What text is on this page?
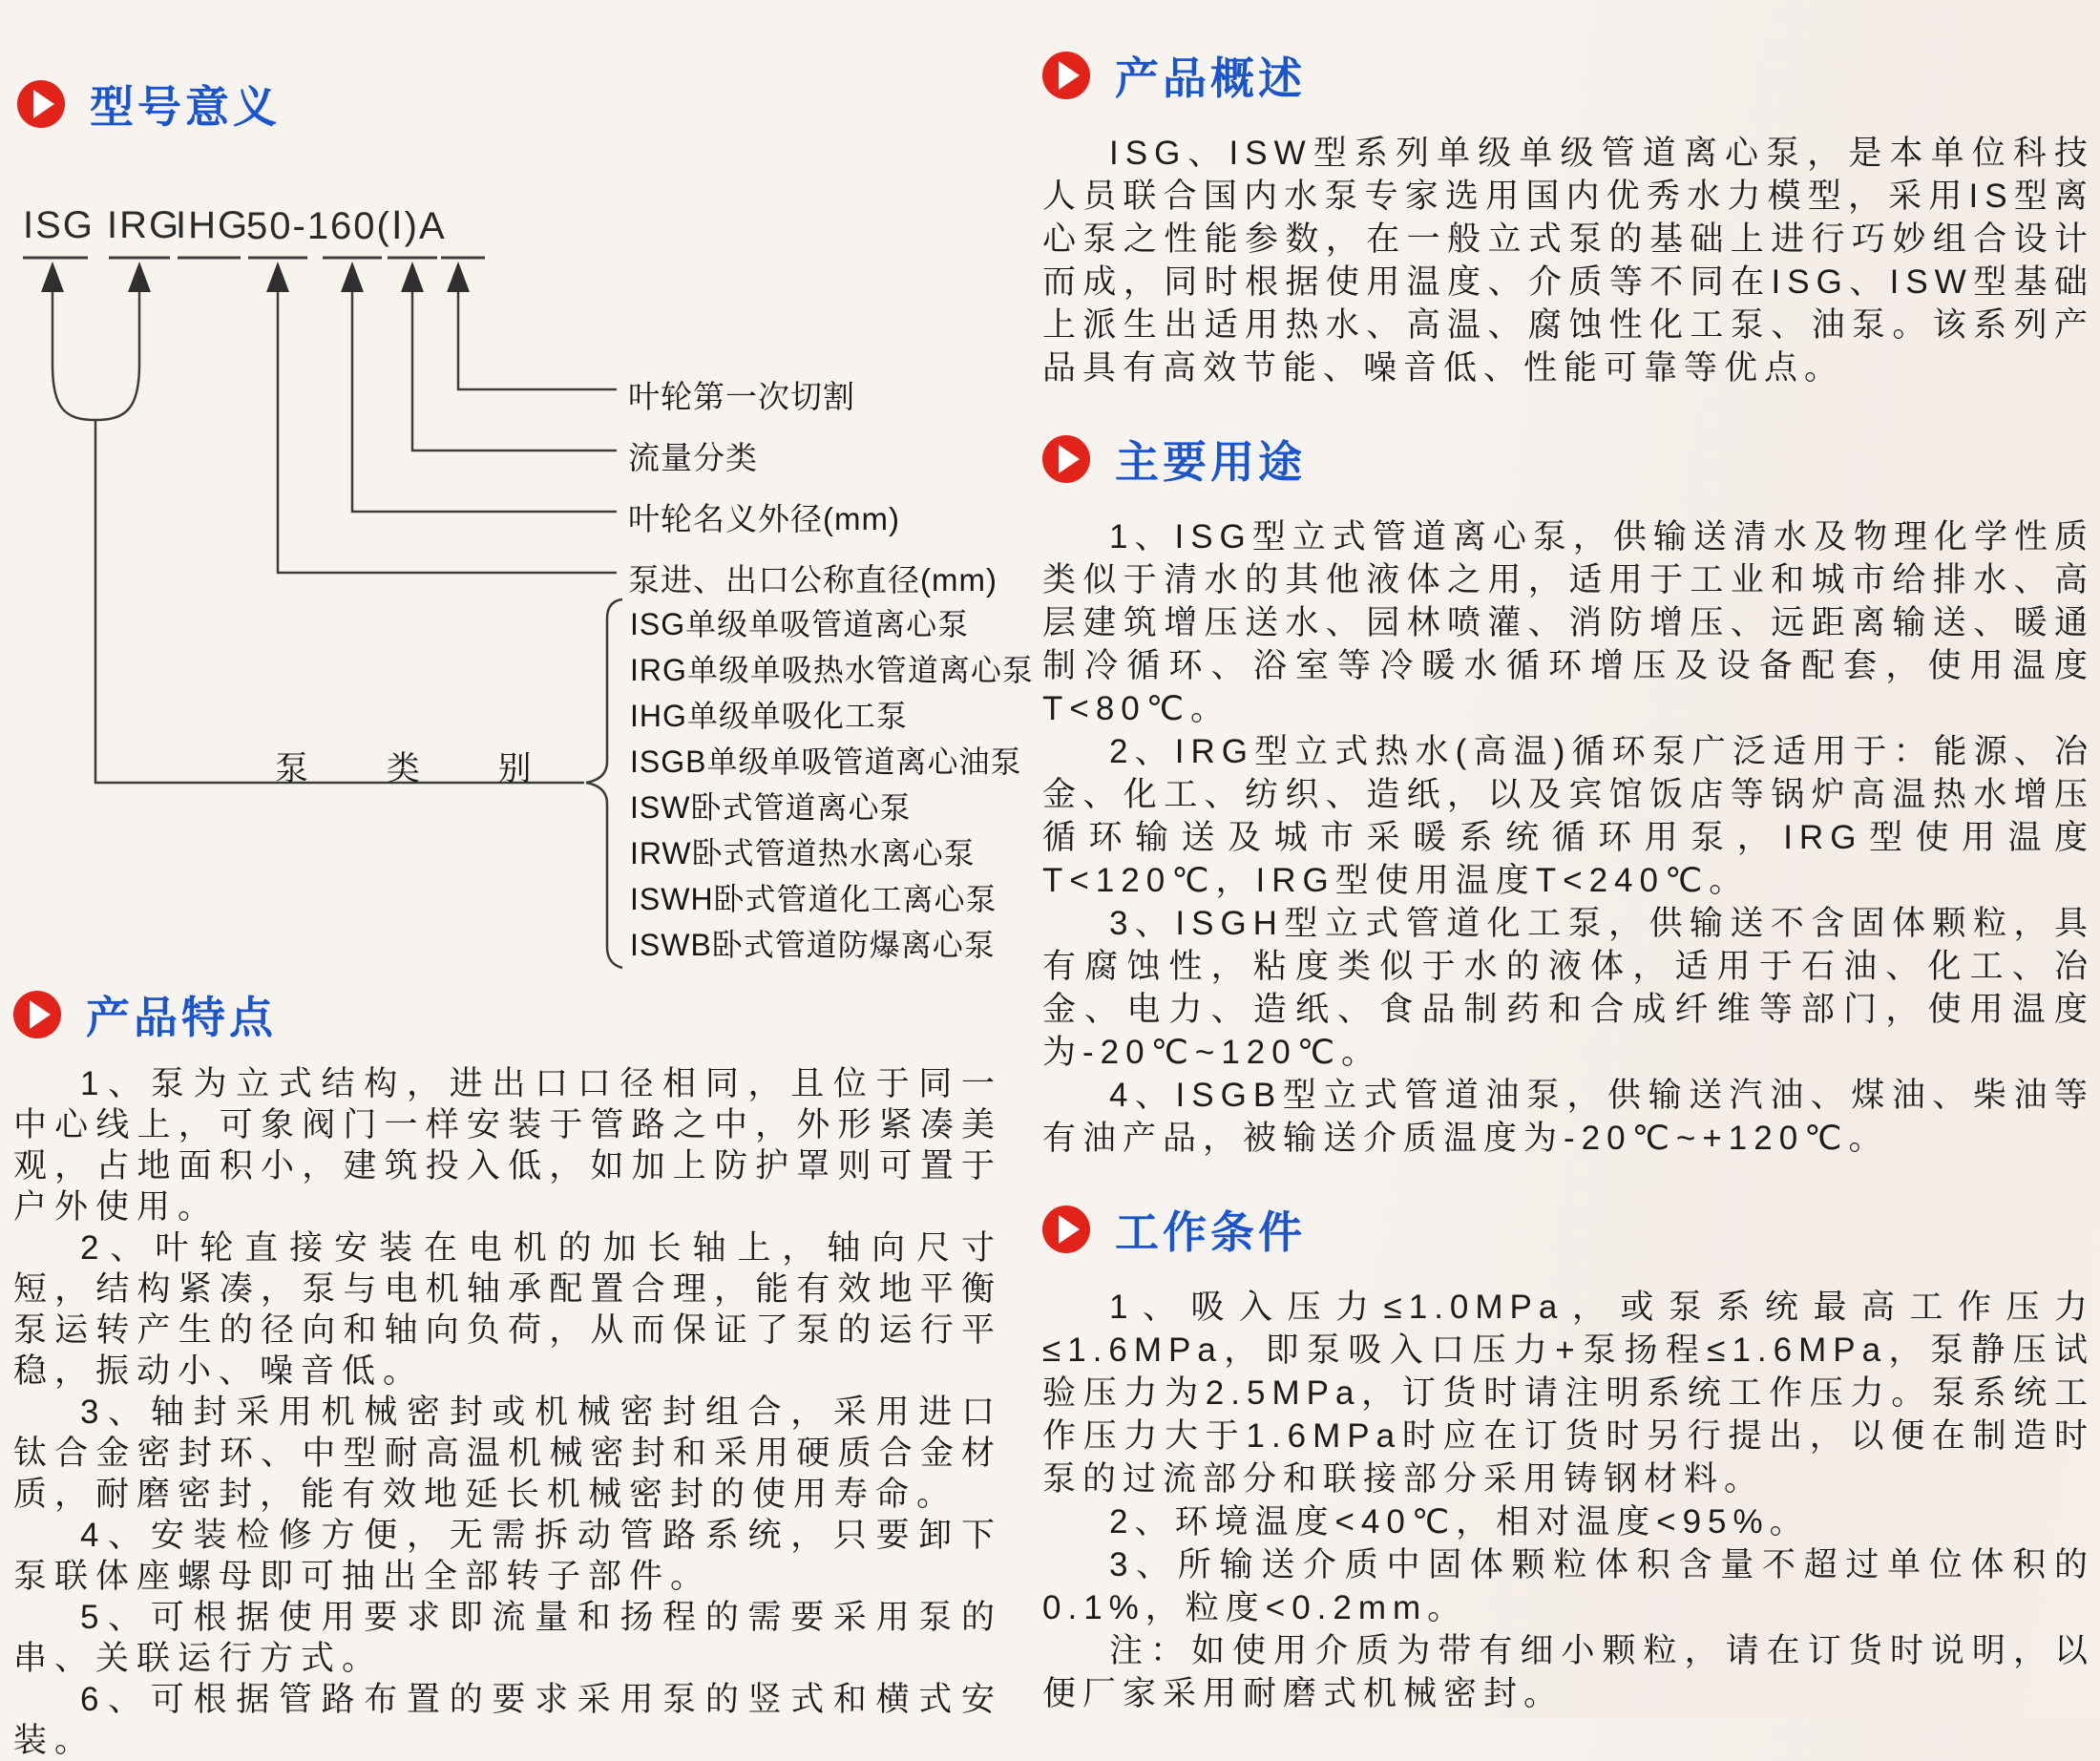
型号意义
ISG IRG
IHG
50-160(Ⅰ)A
叶轮第一次切割
流量分类
叶轮名义外径(mm)
泵进、出口公称直径(mm)
泵 类 别
ISG单级单吸管道离心泵
IRG单级单吸热水管道离心泵
IHG单级单吸化工泵
ISGB单级单吸管道离心油泵
ISW卧式管道离心泵
IRW卧式管道热水离心泵
ISWH卧式管道化工离心泵
ISWB卧式管道防爆离心泵
产品特点

1、泵为立式结构，进出口口径相同，且位于同一中心线上，可象阀门一样安装于管路之中，外形紧凑美观，占地面积小，建筑投入低，如加上防护罩则可置于户外使用。

2、叶轮直接安装在电机的加长轴上，轴向尺寸短，结构紧凑，泵与电机轴承配置合理，能有效地平衡泵运转产生的径向和轴向负荷，从而保证了泵的运行平稳，振动小、噪音低。

3、轴封采用机械密封或机械密封组合，采用进口钛合金密封环、中型耐高温机械密封和采用硬质合金材质，耐磨密封，能有效地延长机械密封的使用寿命。

4、安装检修方便，无需拆动管路系统，只要卸下泵联体座螺母即可抽出全部转子部件。

5、可根据使用要求即流量和扬程的需要采用泵的串、关联运行方式。

6、可根据管路布置的要求采用泵的竖式和横式安装。

产品概述

ISG、ISW型系列单级单级管道离心泵，是本单位科技人员联合国内水泵专家选用国内优秀水力模型，采用IS型离心泵之性能参数，在一般立式泵的基础上进行巧妙组合设计而成，同时根据使用温度、介质等不同在ISG、ISW型基础上派生出适用热水、高温、腐蚀性化工泵、油泵。该系列产品具有高效节能、噪音低、性能可靠等优点。

主要用途

1、ISG型立式管道离心泵，供输送清水及物理化学性质类似于清水的其他液体之用，适用于工业和城市给排水、高层建筑增压送水、园林喷灌、消防增压、远距离输送、暖通制冷循环、浴室等冷暖水循环增压及设备配套，使用温度T<80℃。

2、IRG型立式热水(高温)循环泵广泛适用于：能源、冶金、化工、纺织、造纸，以及宾馆饭店等锅炉高温热水增压循环输送及城市采暖系统循环用泵，IRG型使用温度T<120℃，IRG型使用温度T<240℃。

3、ISGH型立式管道化工泵，供输送不含固体颗粒，具有腐蚀性，粘度类似于水的液体，适用于石油、化工、冶金、电力、造纸、食品制药和合成纤维等部门，使用温度为-20℃~120℃。

4、ISGB型立式管道油泵，供输送汽油、煤油、柴油等有油产品，被输送介质温度为-20℃~+120℃。

工作条件

1、吸入压力≤1.0MPa，或泵系统最高工作压力≤1.6MPa，即泵吸入口压力+泵扬程≤1.6MPa，泵静压试验压力为2.5MPa，订货时请注明系统工作压力。泵系统工作压力大于1.6MPa时应在订货时另行提出，以便在制造时泵的过流部分和联接部分采用铸钢材料。

2、环境温度<40℃，相对温度<95%。

3、所输送介质中固体颗粒体积含量不超过单位体积的0.1%，粒度<0.2mm。

注：如使用介质为带有细小颗粒，请在订货时说明，以便厂家采用耐磨式机械密封。
